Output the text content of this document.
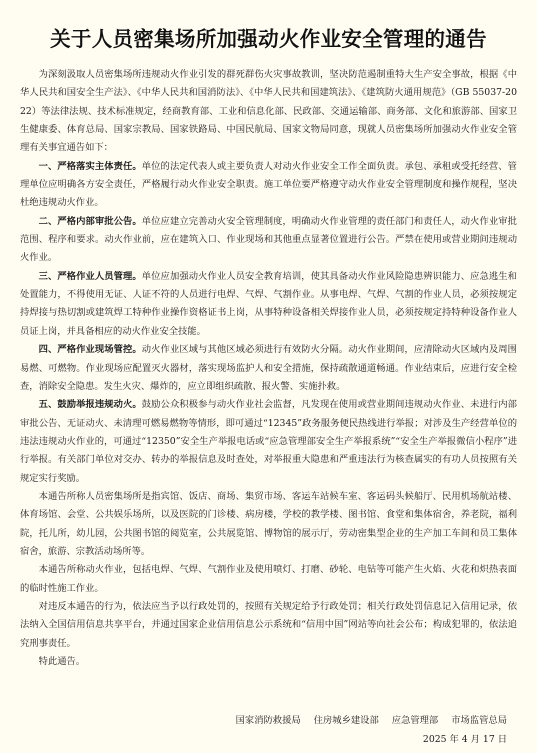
关于人员密集场所加强动火作业安全管理的通告

为深刻汲取人员密集场所违规动火作业引发的群死群伤火灾事故教训，坚决防范遏制重特大生产安全事故，根据《中华人民共和国安全生产法》、《中华人民共和国消防法》、《中华人民共和国建筑法》、《建筑防火通用规范》（GB 55037-2022）等法律法规、技术标准规定，经商教育部、工业和信息化部、民政部、交通运输部、商务部、文化和旅游部、国家卫生健康委、体育总局、国家宗教局、国家铁路局、中国民航局、国家文物局同意，现就人员密集场所加强动火作业安全管理有关事宜通告如下：

一、严格落实主体责任。单位的法定代表人或主要负责人对动火作业安全工作全面负责。承包、承租或受托经营、管理单位应明确各方安全责任，严格履行动火作业安全职责。施工单位要严格遵守动火作业安全管理制度和操作规程，坚决杜绝违规动火作业。

二、严格内部审批公告。单位应建立完善动火安全管理制度，明确动火作业管理的责任部门和责任人，动火作业审批范围、程序和要求。动火作业前，应在建筑入口、作业现场和其他重点显著位置进行公告。严禁在使用或营业期间违规动火作业。

三、严格作业人员管理。单位应加强动火作业人员安全教育培训，使其具备动火作业风险隐患辨识能力、应急逃生和处置能力，不得使用无证、人证不符的人员进行电焊、气焊、气割作业。从事电焊、气焊、气割的作业人员，必须按规定持焊接与热切割或建筑焊工特种作业操作资格证书上岗，从事特种设备相关焊接作业人员，必须按规定持特种设备作业人员证上岗，并具备相应的动火作业安全技能。

四、严格作业现场管控。动火作业区域与其他区域必须进行有效防火分隔。动火作业期间，应清除动火区域内及周围易燃、可燃物。作业现场应配置灭火器材，落实现场监护人和安全措施，保持疏散通道畅通。作业结束后，应进行安全检查，消除安全隐患。发生火灾、爆炸的，应立即组织疏散、报火警、实施扑救。

五、鼓励举报违规动火。鼓励公众积极参与动火作业社会监督，凡发现在使用或营业期间违规动火作业、未进行内部审批公告、无证动火、未清理可燃易燃物等情形，即可通过“12345”政务服务便民热线进行举报；对涉及生产经营单位的违法违规动火作业的，可通过“12350”安全生产举报电话或“应急管理部安全生产举报系统”“安全生产举报微信小程序”进行举报。有关部门单位对交办、转办的举报信息及时查处，对举报重大隐患和严重违法行为核查属实的有功人员按照有关规定实行奖励。

本通告所称人员密集场所是指宾馆、饭店、商场、集贸市场、客运车站候车室、客运码头候船厅、民用机场航站楼、体育场馆、会堂、公共娱乐场所，以及医院的门诊楼、病房楼，学校的教学楼、图书馆、食堂和集体宿舍，养老院，福利院，托儿所，幼儿园，公共图书馆的阅览室，公共展览馆、博物馆的展示厅，劳动密集型企业的生产加工车间和员工集体宿舍，旅游、宗教活动场所等。

本通告所称动火作业，包括电焊、气焊、气割作业及使用喷灯、打磨、砂轮、电钻等可能产生火焰、火花和炽热表面的临时性施工作业。

对违反本通告的行为，依法应当予以行政处罚的，按照有关规定给予行政处罚；相关行政处罚信息记入信用记录，依法纳入全国信用信息共享平台，并通过国家企业信用信息公示系统和“信用中国”网站等向社会公布；构成犯罪的，依法追究刑事责任。

特此通告。

国家消防救援局 住房城乡建设部 应急管理部 市场监管总局
2025 年 4 月 17 日
